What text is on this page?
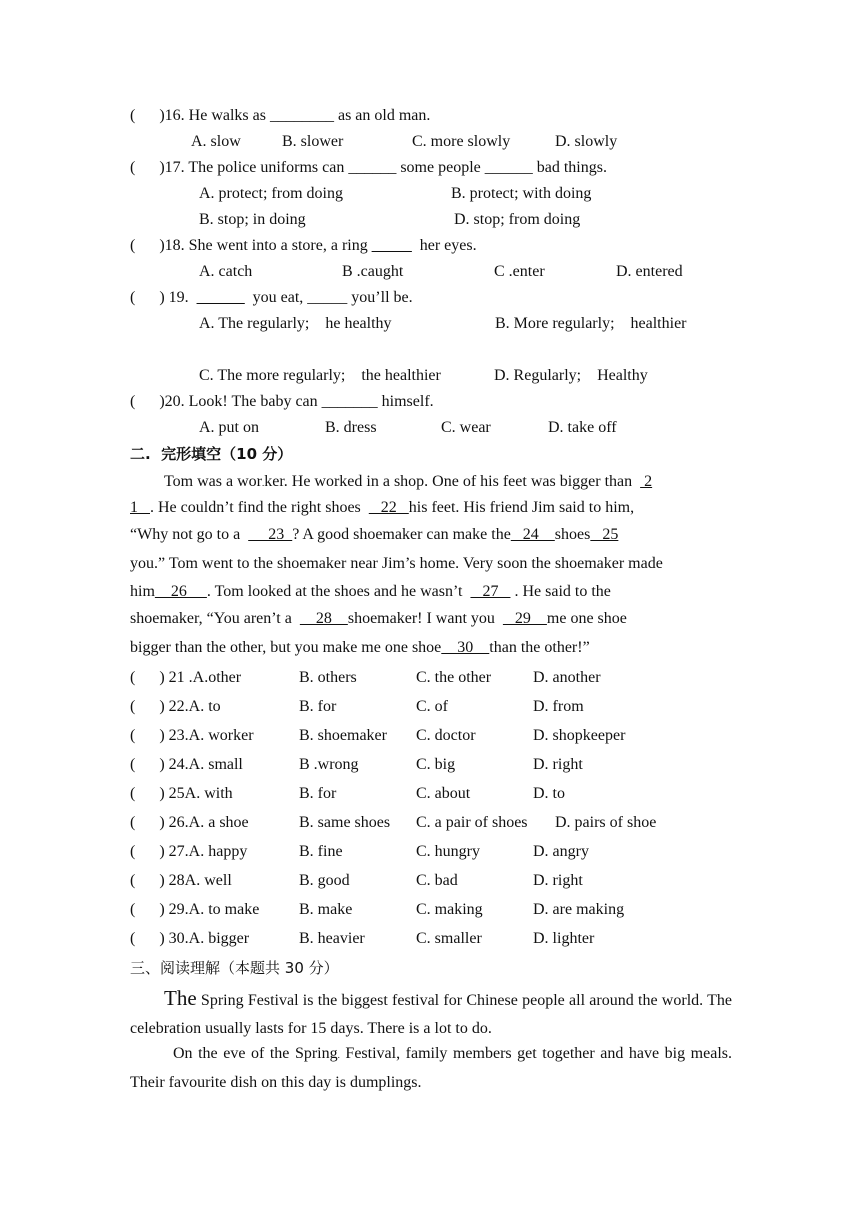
(      )16. He walks as ________ as an old man.
A. slow	B. slower	C. more slowly	D. slowly
(      )17. The police uniforms can ______ some people ______ bad things.
A. protect; from doing	B. protect; with doing
B. stop; in doing	D. stop; from doing
(      )18. She went into a store, a ring _____  her eyes.
A. catch	B .caught	C .enter	D. entered
(      ) 19.  ______  you eat, _____ you’ll be.
A. The regularly;    he healthy	B. More regularly;    healthier
C. The more regularly;    the healthier	D. Regularly;    Healthy
(      )20. Look! The baby can _______ himself.
A. put on	B. dress	C. wear	D. take off
二.  完形填空（10 分）
Tom was a wor.ker. He worked in a shop. One of his feet was bigger than   2
1   . He couldn’t find the right shoes     22   his feet. His friend Jim said to him,
“Why not go to a       23  ? A good shoemaker can make the   24    shoes   25
you.” Tom went to the shoemaker near Jim’s home. Very soon the shoemaker made
him    26     . Tom looked at the shoes and he wasn’t     27    . He said to the
shoemaker, “You aren’t a      28    shoemaker! I want you     29    me one shoe
bigger than the other, but you make me one shoe    30    than the other!”
(      ) 21 .A.other	B. others	C. the other	D. another
(      ) 22.A. to	B. for	C. of	D. from
(      ) 23.A. worker	B. shoemaker C. doctor	D. shopkeeper
(      ) 24.A. small	B .wrong	C. big	D. right
(      ) 25A. with	B. for	C. about	D. to
(      ) 26.A. a shoe	B. same shoes C. a pair of shoes D. pairs of shoe
(      ) 27.A. happy	B. fine	C. hungry	D. angry
(      ) 28A. well	B. good	C. bad	D. right
(      ) 29.A. to make B. make	C. making	D. are making
(      ) 30.A. bigger	B. heavier	C. smaller	D. lighter
三、阅读理解（本题共 30 分）
The Spring Festival is the biggest festival for Chinese people all around the world. The celebration usually lasts for 15 days. There is a lot to do.
On the eve of the Spring. Festival, family members get together and have big meals. Their favourite dish on this day is dumplings.
